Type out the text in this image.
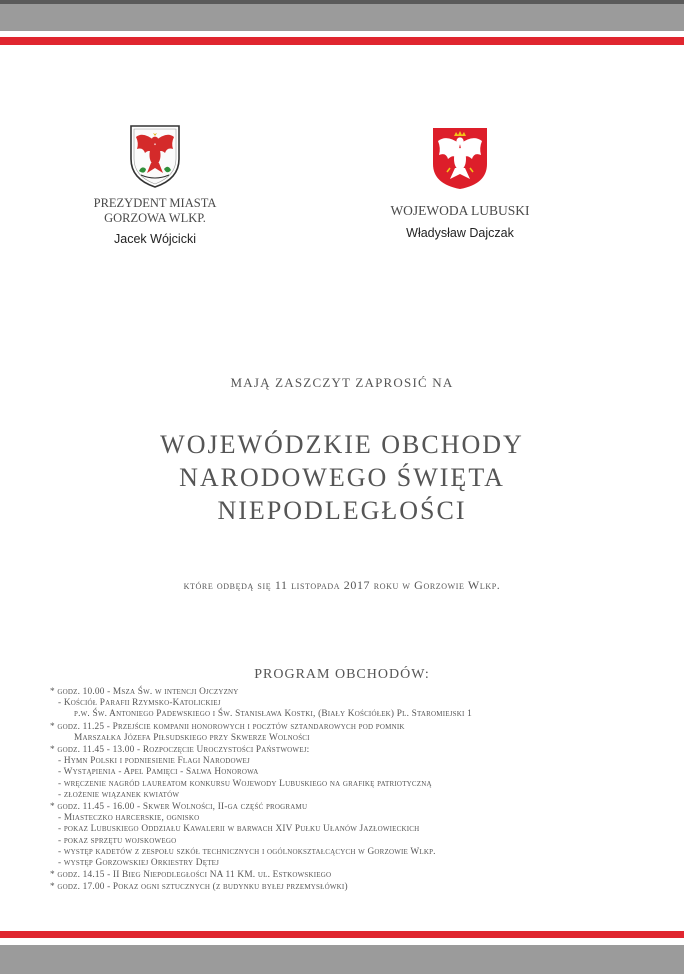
PREZYDENT MIASTA
GORZOWA WLKP.
Jacek Wójcicki
WOJEWODA LUBUSKI
Władysław Dajczak
MAJĄ ZASZCZYT ZAPROSIĆ NA
WOJEWÓDZKIE OBCHODY
NARODOWEGO ŚWIĘTA
NIEPODLEGŁOŚCI
które odbędą się 11 listopada 2017 roku w Gorzowie Wlkp.
PROGRAM OBCHODÓW:
* godz. 10.00 - Msza Św. w intencji Ojczyzny
- Kościół Parafii Rzymsko-Katolickiej
p.w. Św. Antoniego Padewskiego i Św. Stanisława Kostki, (Biały Kościółek) Pl. Staromiejski 1
* godz. 11.25 - Przejście kompanii honorowych i pocztów sztandarowych pod pomnik
Marszałka Józefa Piłsudskiego przy Skwerze Wolności
* godz. 11.45 - 13.00 - Rozpoczęcie Uroczystości Państwowej:
- Hymn Polski i podniesienie Flagi Narodowej
- Wystąpienia - Apel Pamięci - Salwa Honorowa
- wręczenie nagród laureatom konkursu Wojewody Lubuskiego na grafikę patriotyczną
- złożenie wiązanek kwiatów
* godz. 11.45 - 16.00 - Skwer Wolności, II-ga część programu
- Miasteczko harcerskie, ognisko
- pokaz Lubuskiego Oddziału Kawalerii w barwach XIV Pułku Ułanów Jazłowieckich
- pokaz sprzętu wojskowego
- występ kadetów z zespołu szkół technicznych i ogólnokształcących w Gorzowie Wlkp.
- występ Gorzowskiej Orkiestry Dętej
* godz. 14.15 - II Bieg Niepodległości NA 11 KM. ul. Estkowskiego
* godz. 17.00 - Pokaz ogni sztucznych (z budynku byłej przemysłówki)
